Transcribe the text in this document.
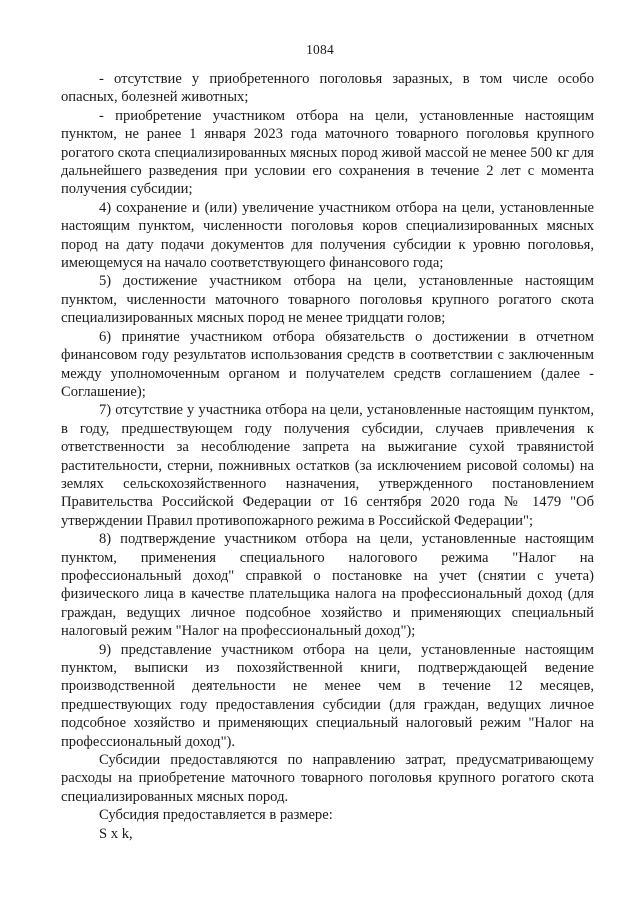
1084

- отсутствие у приобретенного поголовья заразных, в том числе особо опасных, болезней животных;

- приобретение участником отбора на цели, установленные настоящим пунктом, не ранее 1 января 2023 года маточного товарного поголовья крупного рогатого скота специализированных мясных пород живой массой не менее 500 кг для дальнейшего разведения при условии его сохранения в течение 2 лет с момента получения субсидии;

4) сохранение и (или) увеличение участником отбора на цели, установленные настоящим пунктом, численности поголовья коров специализированных мясных пород на дату подачи документов для получения субсидии к уровню поголовья, имеющемуся на начало соответствующего финансового года;

5) достижение участником отбора на цели, установленные настоящим пунктом, численности маточного товарного поголовья крупного рогатого скота специализированных мясных пород не менее тридцати голов;

6) принятие участником отбора обязательств о достижении в отчетном финансовом году результатов использования средств в соответствии с заключенным между уполномоченным органом и получателем средств соглашением (далее - Соглашение);

7) отсутствие у участника отбора на цели, установленные настоящим пунктом, в году, предшествующем году получения субсидии, случаев привлечения к ответственности за несоблюдение запрета на выжигание сухой травянистой растительности, стерни, пожнивных остатков (за исключением рисовой соломы) на землях сельскохозяйственного назначения, утвержденного постановлением Правительства Российской Федерации от 16 сентября 2020 года № 1479 "Об утверждении Правил противопожарного режима в Российской Федерации";

8) подтверждение участником отбора на цели, установленные настоящим пунктом, применения специального налогового режима "Налог на профессиональный доход" справкой о постановке на учет (снятии с учета) физического лица в качестве плательщика налога на профессиональный доход (для граждан, ведущих личное подсобное хозяйство и применяющих специальный налоговый режим "Налог на профессиональный доход");

9) представление участником отбора на цели, установленные настоящим пунктом, выписки из похозяйственной книги, подтверждающей ведение производственной деятельности не менее чем в течение 12 месяцев, предшествующих году предоставления субсидии (для граждан, ведущих личное подсобное хозяйство и применяющих специальный налоговый режим "Налог на профессиональный доход").

Субсидии предоставляются по направлению затрат, предусматривающему расходы на приобретение маточного товарного поголовья крупного рогатого скота специализированных мясных пород.

Субсидия предоставляется в размере:

S x k,
